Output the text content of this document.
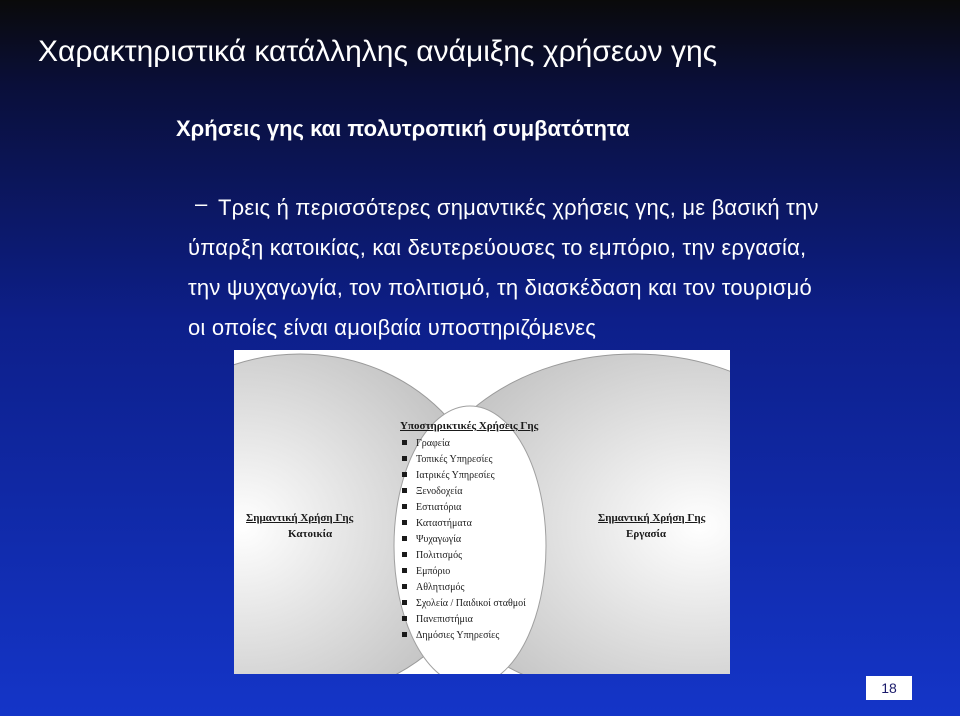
Χαρακτηριστικά κατάλληλης ανάμιξης χρήσεων γης
Χρήσεις γης και πολυτροπική συμβατότητα
– Τρεις ή περισσότερες σημαντικές χρήσεις γης, με βασική την
ύπαρξη κατοικίας, και δευτερεύουσες το εμπόριο, την εργασία,
την ψυχαγωγία, τον πολιτισμό, τη διασκέδαση και τον τουρισμό
οι οποίες είναι αμοιβαία υποστηριζόμενες
Σημαντική Χρήση Γης
Κατοικία
Σημαντική Χρήση Γης
Εργασία
Υποστηρικτικές Χρήσεις Γης
Γραφεία
Τοπικές Υπηρεσίες
Ιατρικές Υπηρεσίες
Ξενοδοχεία
Εστιατόρια
Καταστήματα
Ψυχαγωγία
Πολιτισμός
Εμπόριο
Αθλητισμός
Σχολεία / Παιδικοί σταθμοί
Πανεπιστήμια
Δημόσιες Υπηρεσίες
18
